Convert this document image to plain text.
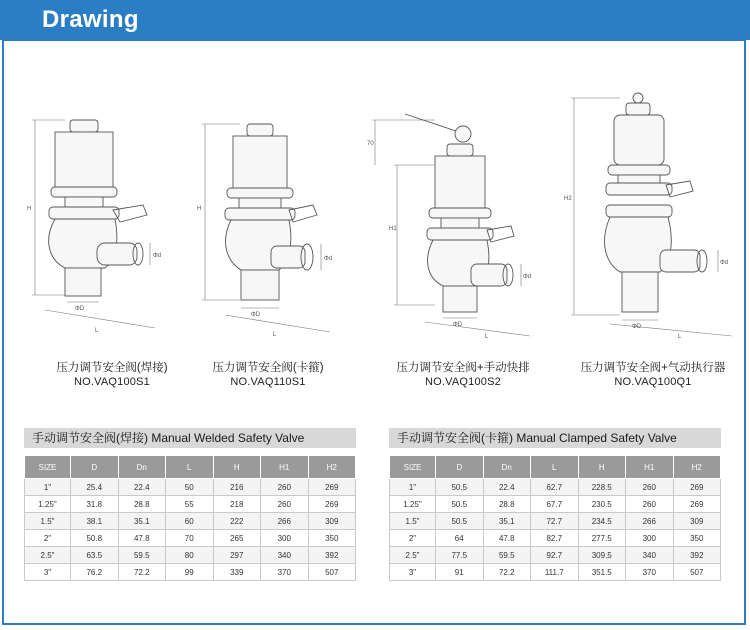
Drawing
H
ΦD
Φd
L
H
ΦD
Φd
L
70
H1
ΦD
Φd
L
H2
ΦD
Φd
L
压力调节安全阀(焊接)
NO.VAQ100S1
压力调节安全阀(卡箍)
NO.VAQ110S1
压力调节安全阀+手动快排
NO.VAQ100S2
压力调节安全阀+气动执行器
NO.VAQ100Q1
手动调节安全阀(焊接) Manual Welded Safety Valve
SIZE	D	Dn	L	H	H1	H2
1"	25.4	22.4	50	216	260	269
1.25"	31.8	28.8	55	218	260	269
1.5"	38.1	35.1	60	222	266	309
2"	50.8	47.8	70	265	300	350
2.5"	63.5	59.5	80	297	340	392
3"	76.2	72.2	99	339	370	507
手动调节安全阀(卡箍) Manual Clamped Safety Valve
SIZE	D	Dn	L	H	H1	H2
1"	50.5	22.4	62.7	228.5	260	269
1.25"	50.5	28.8	67.7	230.5	260	269
1.5"	50.5	35.1	72.7	234.5	266	309
2"	64	47.8	82.7	277.5	300	350
2.5"	77.5	59.5	92.7	309.5	340	392
3"	91	72.2	111.7	351.5	370	507
